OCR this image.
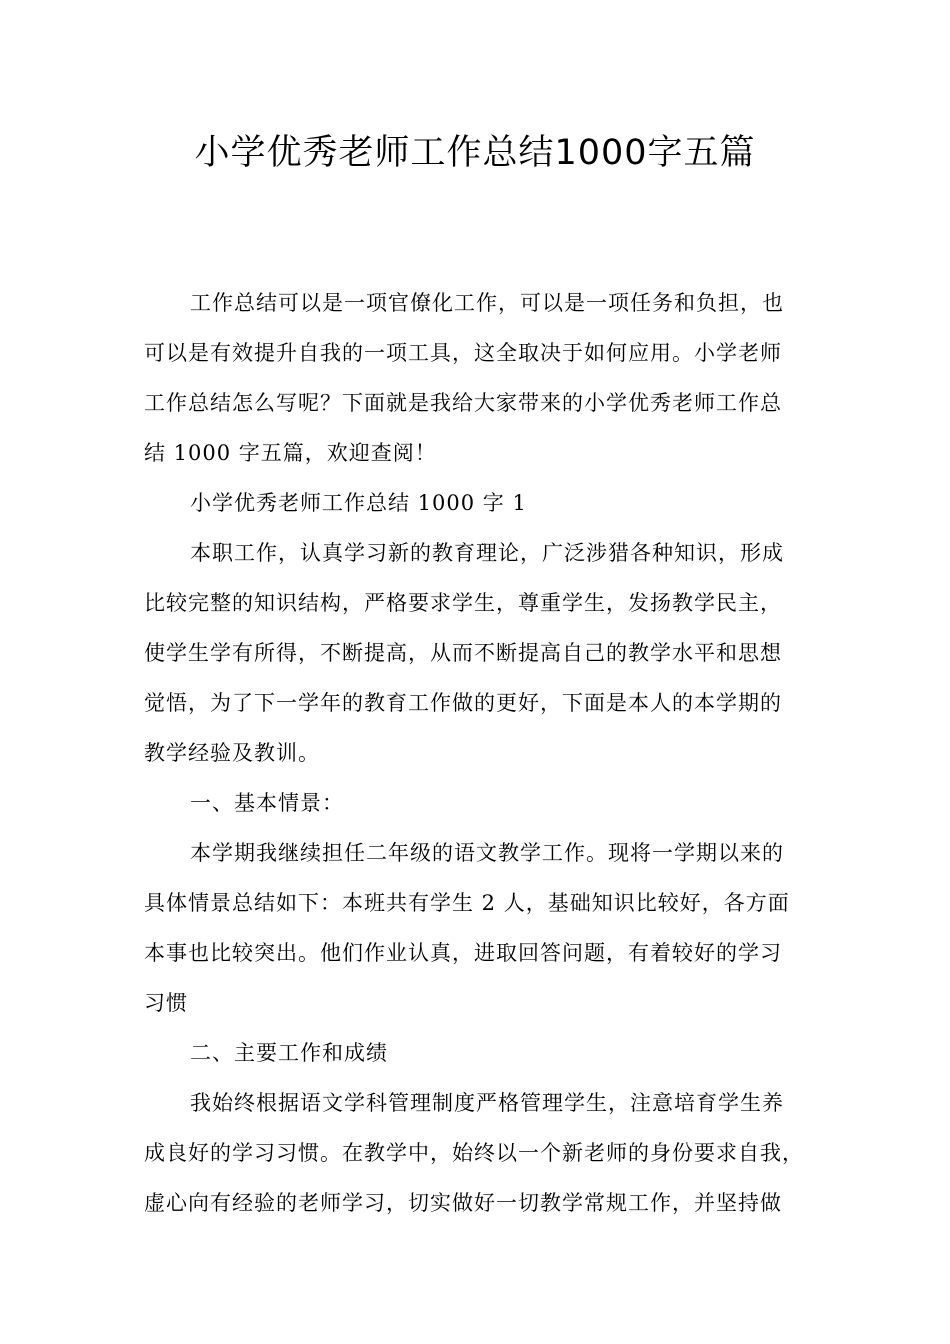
小学优秀老师工作总结1000字五篇

工作总结可以是一项官僚化工作，可以是一项任务和负担，也
可以是有效提升自我的一项工具，这全取决于如何应用。小学老师
工作总结怎么写呢？下面就是我给大家带来的小学优秀老师工作总
结 1000 字五篇，欢迎查阅！

小学优秀老师工作总结 1000 字 1

本职工作，认真学习新的教育理论，广泛涉猎各种知识，形成
比较完整的知识结构，严格要求学生，尊重学生，发扬教学民主，
使学生学有所得，不断提高，从而不断提高自己的教学水平和思想
觉悟，为了下一学年的教育工作做的更好，下面是本人的本学期的
教学经验及教训。

一、基本情景：

本学期我继续担任二年级的语文教学工作。现将一学期以来的
具体情景总结如下：本班共有学生 2 人，基础知识比较好，各方面
本事也比较突出。他们作业认真，进取回答问题，有着较好的学习
习惯

二、主要工作和成绩

我始终根据语文学科管理制度严格管理学生，注意培育学生养
成良好的学习习惯。在教学中，始终以一个新老师的身份要求自我，
虚心向有经验的老师学习，切实做好一切教学常规工作，并坚持做
